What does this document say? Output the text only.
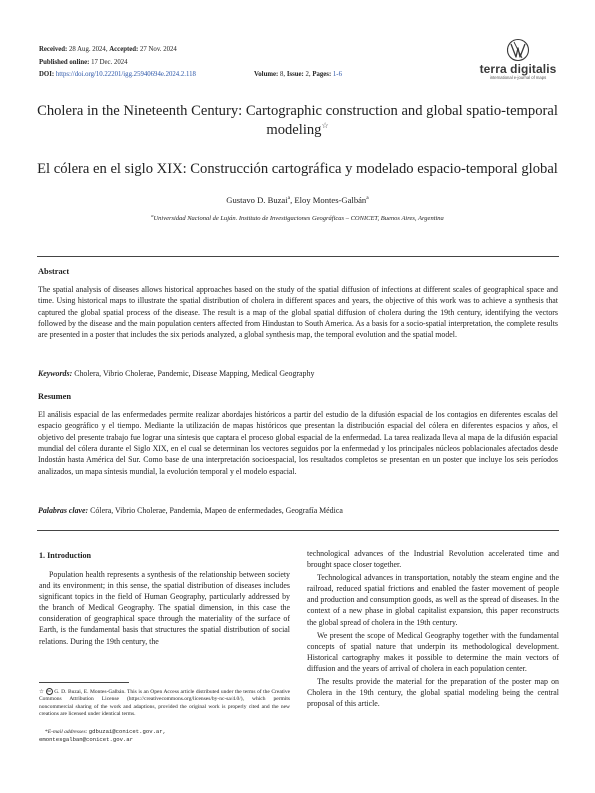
Received: 28 Aug. 2024, Accepted: 27 Nov. 2024
Published online: 17 Dec. 2024
DOI: https://doi.org/10.22201/igg.25940694e.2024.2.118	Volume: 8, Issue: 2, Pages: 1-6	terra digitalis
international e-journal of maps
Cholera in the Nineteenth Century: Cartographic construction and global spatio-temporal modeling☆
El cólera en el siglo XIX: Construcción cartográfica y modelado espacio-temporal global
Gustavo D. Buzai$^a$, Eloy Montes-Galbán$^a$
$^a$Universidad Nacional de Luján. Instituto de Investigaciones Geográficas – CONICET, Buenos Aires, Argentina
Abstract
The spatial analysis of diseases allows historical approaches based on the study of the spatial diffusion of infections at different scales of geographical space and time. Using historical maps to illustrate the spatial distribution of cholera in different spaces and years, the objective of this work was to achieve a synthesis that captured the global spatial process of the disease. The result is a map of the global spatial diffusion of cholera during the 19th century, identifying the vectors followed by the disease and the main population centers affected from Hindustan to South America. As a basis for a socio-spatial interpretation, the complete results are presented in a poster that includes the six periods analyzed, a global synthesis map, the temporal evolution and the spatial model.
Keywords: Cholera, Vibrio Cholerae, Pandemic, Disease Mapping, Medical Geography
Resumen
El análisis espacial de las enfermedades permite realizar abordajes históricos a partir del estudio de la difusión espacial de los contagios en diferentes escalas del espacio geográfico y el tiempo. Mediante la utilización de mapas históricos que presentan la distribución espacial del cólera en diferentes espacios y años, el objetivo del presente trabajo fue lograr una síntesis que captara el proceso global espacial de la enfermedad. La tarea realizada lleva al mapa de la difusión espacial mundial del cólera durante el Siglo XIX, en el cual se determinan los vectores seguidos por la enfermedad y los principales núcleos poblacionales afectados desde Indostán hasta América del Sur. Como base de una interpretación socioespacial, los resultados completos se presentan en un poster que incluye los seis períodos analizados, un mapa síntesis mundial, la evolución temporal y el modelo espacial.
Palabras clave: Cólera, Vibrio Cholerae, Pandemia, Mapeo de enfermedades, Geografía Médica
1. Introduction

Population health represents a synthesis of the relationship between society and its environment; in this sense, the spatial distribution of diseases includes significant topics in the field of Human Geography, particularly addressed by the branch of Medical Geography. The spatial dimension, in this case the consideration of geographical space through the materiality of the surface of Earth, is the fundamental basis that structures the spatial distribution of social relations. During the 19th century, the

☆ cc G. D. Buzai, E. Montes-Galbán. This is an Open Access article distributed under the terms of the Creative Commons Attribution License (https://creativecommons.org/licenses/by-nc-sa/4.0/), which permits noncommercial sharing of the work and adaptions, provided the original work is properly cited and the new creations are licensed under identical terms.
*E-mail addresses: gdbuzai@conicet.gov.ar,
emontesgalban@conicet.gov.ar

technological advances of the Industrial Revolution accelerated time and brought space closer together.

Technological advances in transportation, notably the steam engine and the railroad, reduced spatial frictions and enabled the faster movement of people and production and consumption goods, as well as the spread of diseases. In the context of a new phase in global capitalist expansion, this paper reconstructs the global spread of cholera in the 19th century.

We present the scope of Medical Geography together with the fundamental concepts of spatial nature that underpin its methodological development. Historical cartography makes it possible to determine the main vectors of diffusion and the years of arrival of cholera in each population center.

The results provide the material for the preparation of the poster map on Cholera in the 19th century, the global spatial modeling being the central proposal of this article.
